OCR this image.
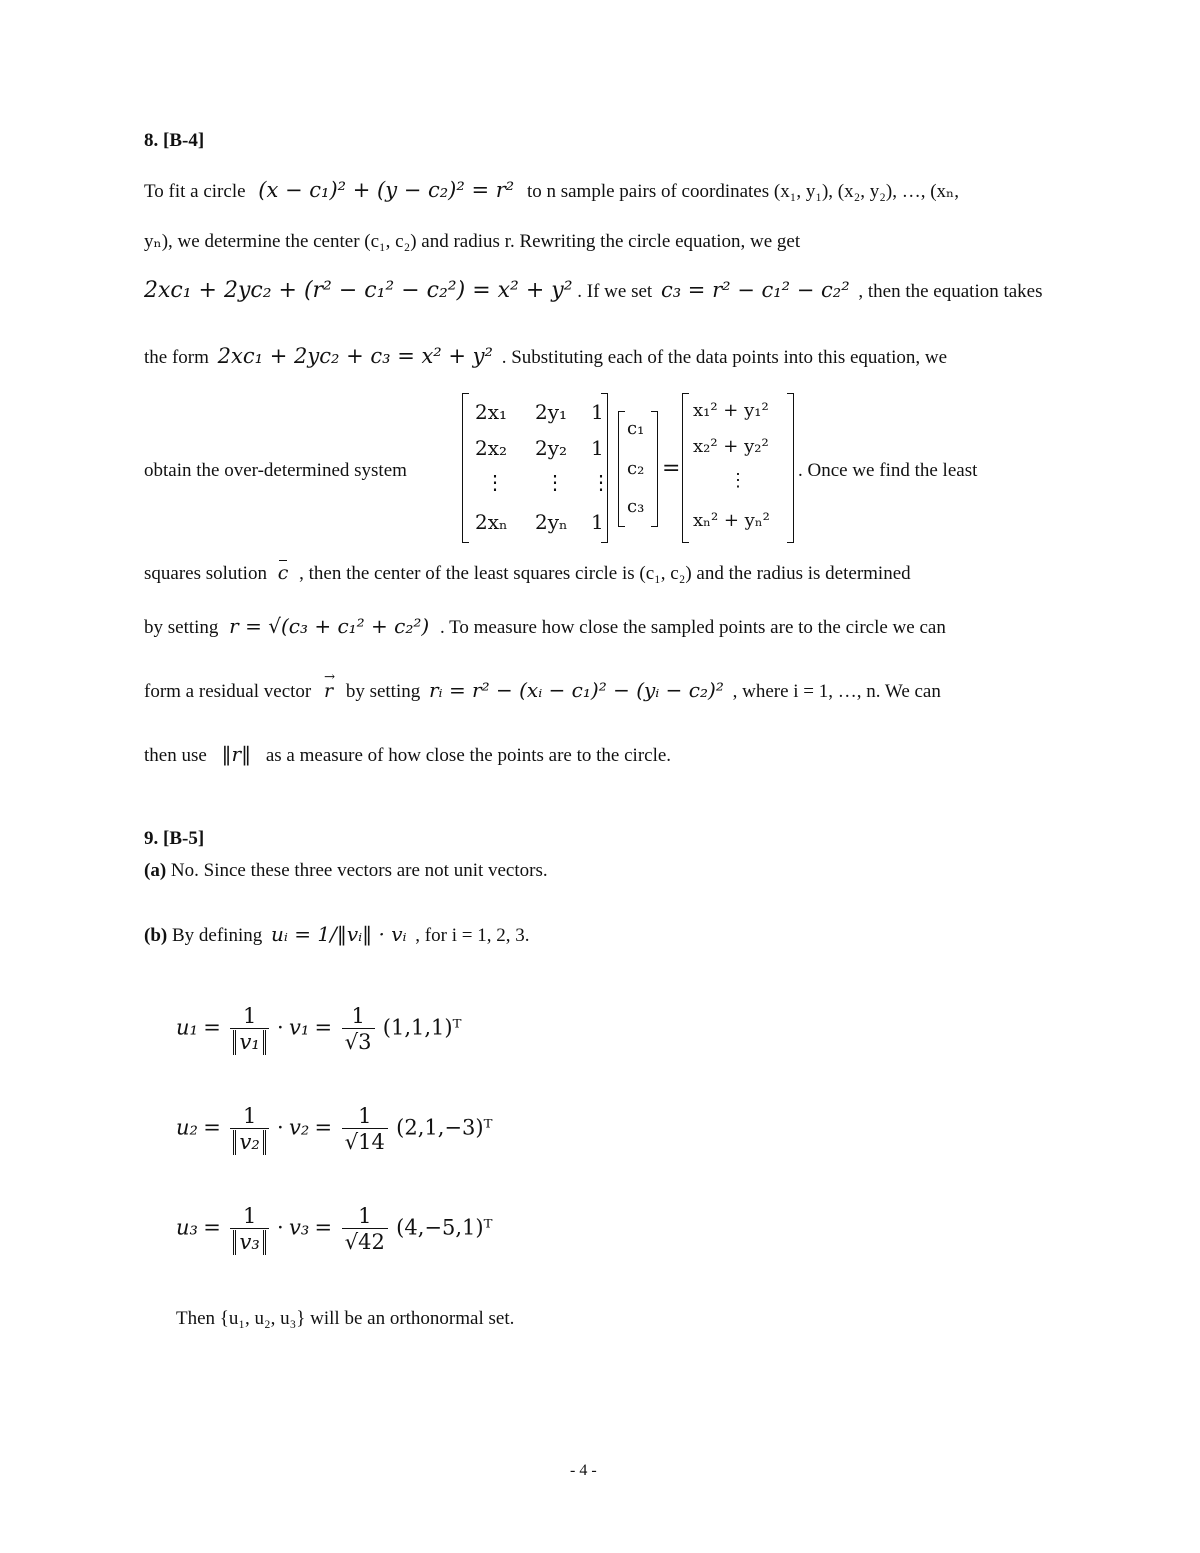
8. [B-4]
To fit a circle (x − c₁)² + (y − c₂)² = r² to n sample pairs of coordinates (x₁, y₁), (x₂, y₂), …, (xₙ,
yₙ), we determine the center (c₁, c₂) and radius r. Rewriting the circle equation, we get
2xc₁ + 2yc₂ + (r² − c₁² − c₂²) = x² + y² . If we set c₃ = r² − c₁² − c₂² , then the equation takes
the form 2xc₁ + 2yc₂ + c₃ = x² + y² . Substituting each of the data points into this equation, we
obtain the over-determined system
2x₁ 2y₁ 1
2x₂ 2y₂ 1
⋮ ⋮ ⋮
2xₙ 2yₙ 1
c₁
c₂
c₃
=
x₁² + y₁²
x₂² + y₂²
⋮
xₙ² + yₙ²
. Once we find the least
squares solution c , then the center of the least squares circle is (c₁, c₂) and the radius is determined
by setting r = √(c₃ + c₁² + c₂²) . To measure how close the sampled points are to the circle we can
form a residual vector → r by setting rᵢ = r² − (xᵢ − c₁)² − (yᵢ − c₂)² , where i = 1, …, n. We can
then use ‖r‖ as a measure of how close the points are to the circle.
9. [B-5]
(a) No. Since these three vectors are not unit vectors.
(b) By defining uᵢ = 1/‖vᵢ‖ · vᵢ , for i = 1, 2, 3.
$u_1 = \frac{1}{\text{v₁}} \cdot v_1 = \frac{1}{√3}$ (1,1,1)ᵀ
$u_2 = \frac{1}{\text{v₂}} \cdot v_2 = \frac{1}{√14}$ (2,1,−3)ᵀ
$u_3 = \frac{1}{\text{v₃}} \cdot v_3 = \frac{1}{√42}$ (4,−5,1)ᵀ
Then {u₁, u₂, u₃} will be an orthonormal set.
- 4 -
